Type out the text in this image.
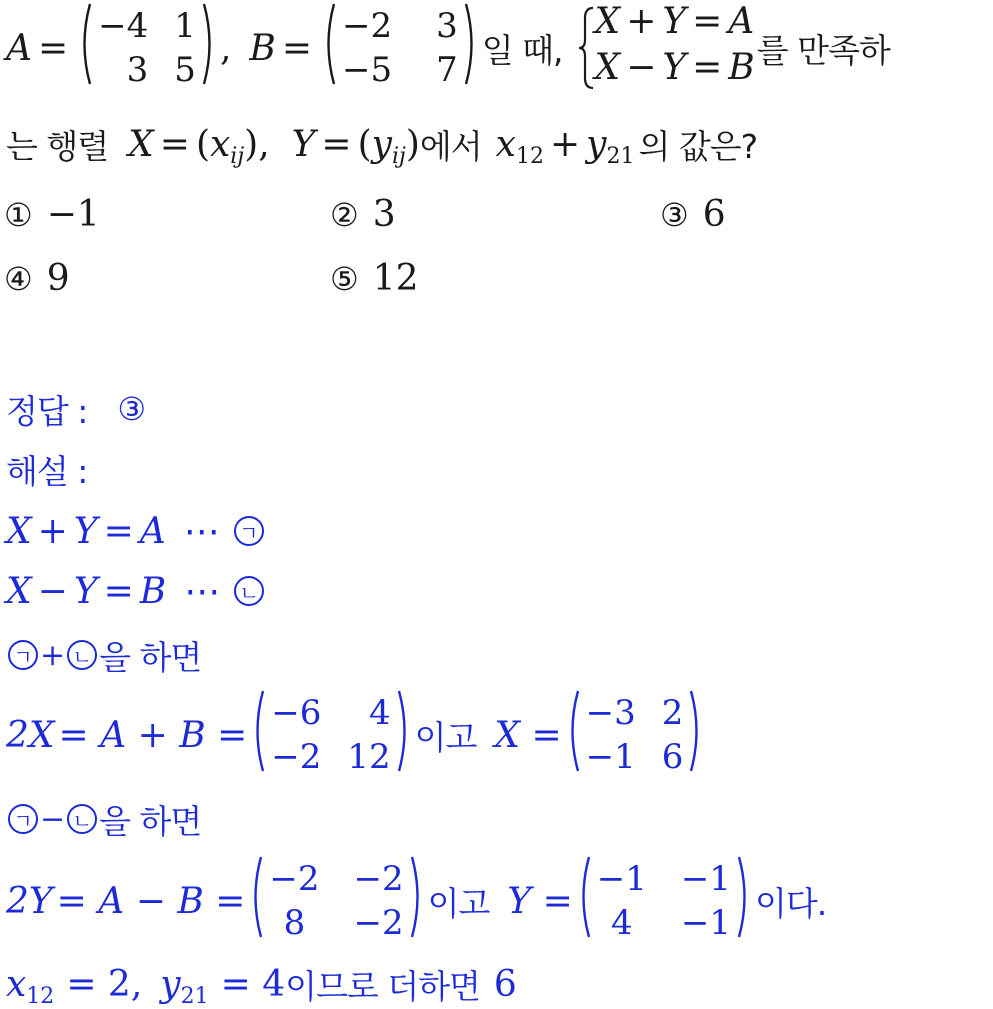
A =
−4 1
3 5
, B =
−2 3
−5 7 일 때,
X + Y = A
X − Y = B 를 만족하
는 행렬 X = ( x ij ) , Y = ( y ij ) 에서 x 12 + y 21 의 값은?
① −1	② 3	③ 6
④ 9	⑤ 12
정답 : ③
해설 :
X + Y = A ⋯ ㄱ
X − Y = B ⋯ ㄴ
ㄱ + ㄴ 을 하면
2X = A + B =
−6	4
−2 12 이고 X =
−3 2
−1 6
ㄱ − ㄴ 을 하면
2Y = A − B =
−2 −2
8	−2 이고 Y =
−1 −1
4	−1 이다.
x 12 = 2, y 21 = 4 이므로 더하면 6
